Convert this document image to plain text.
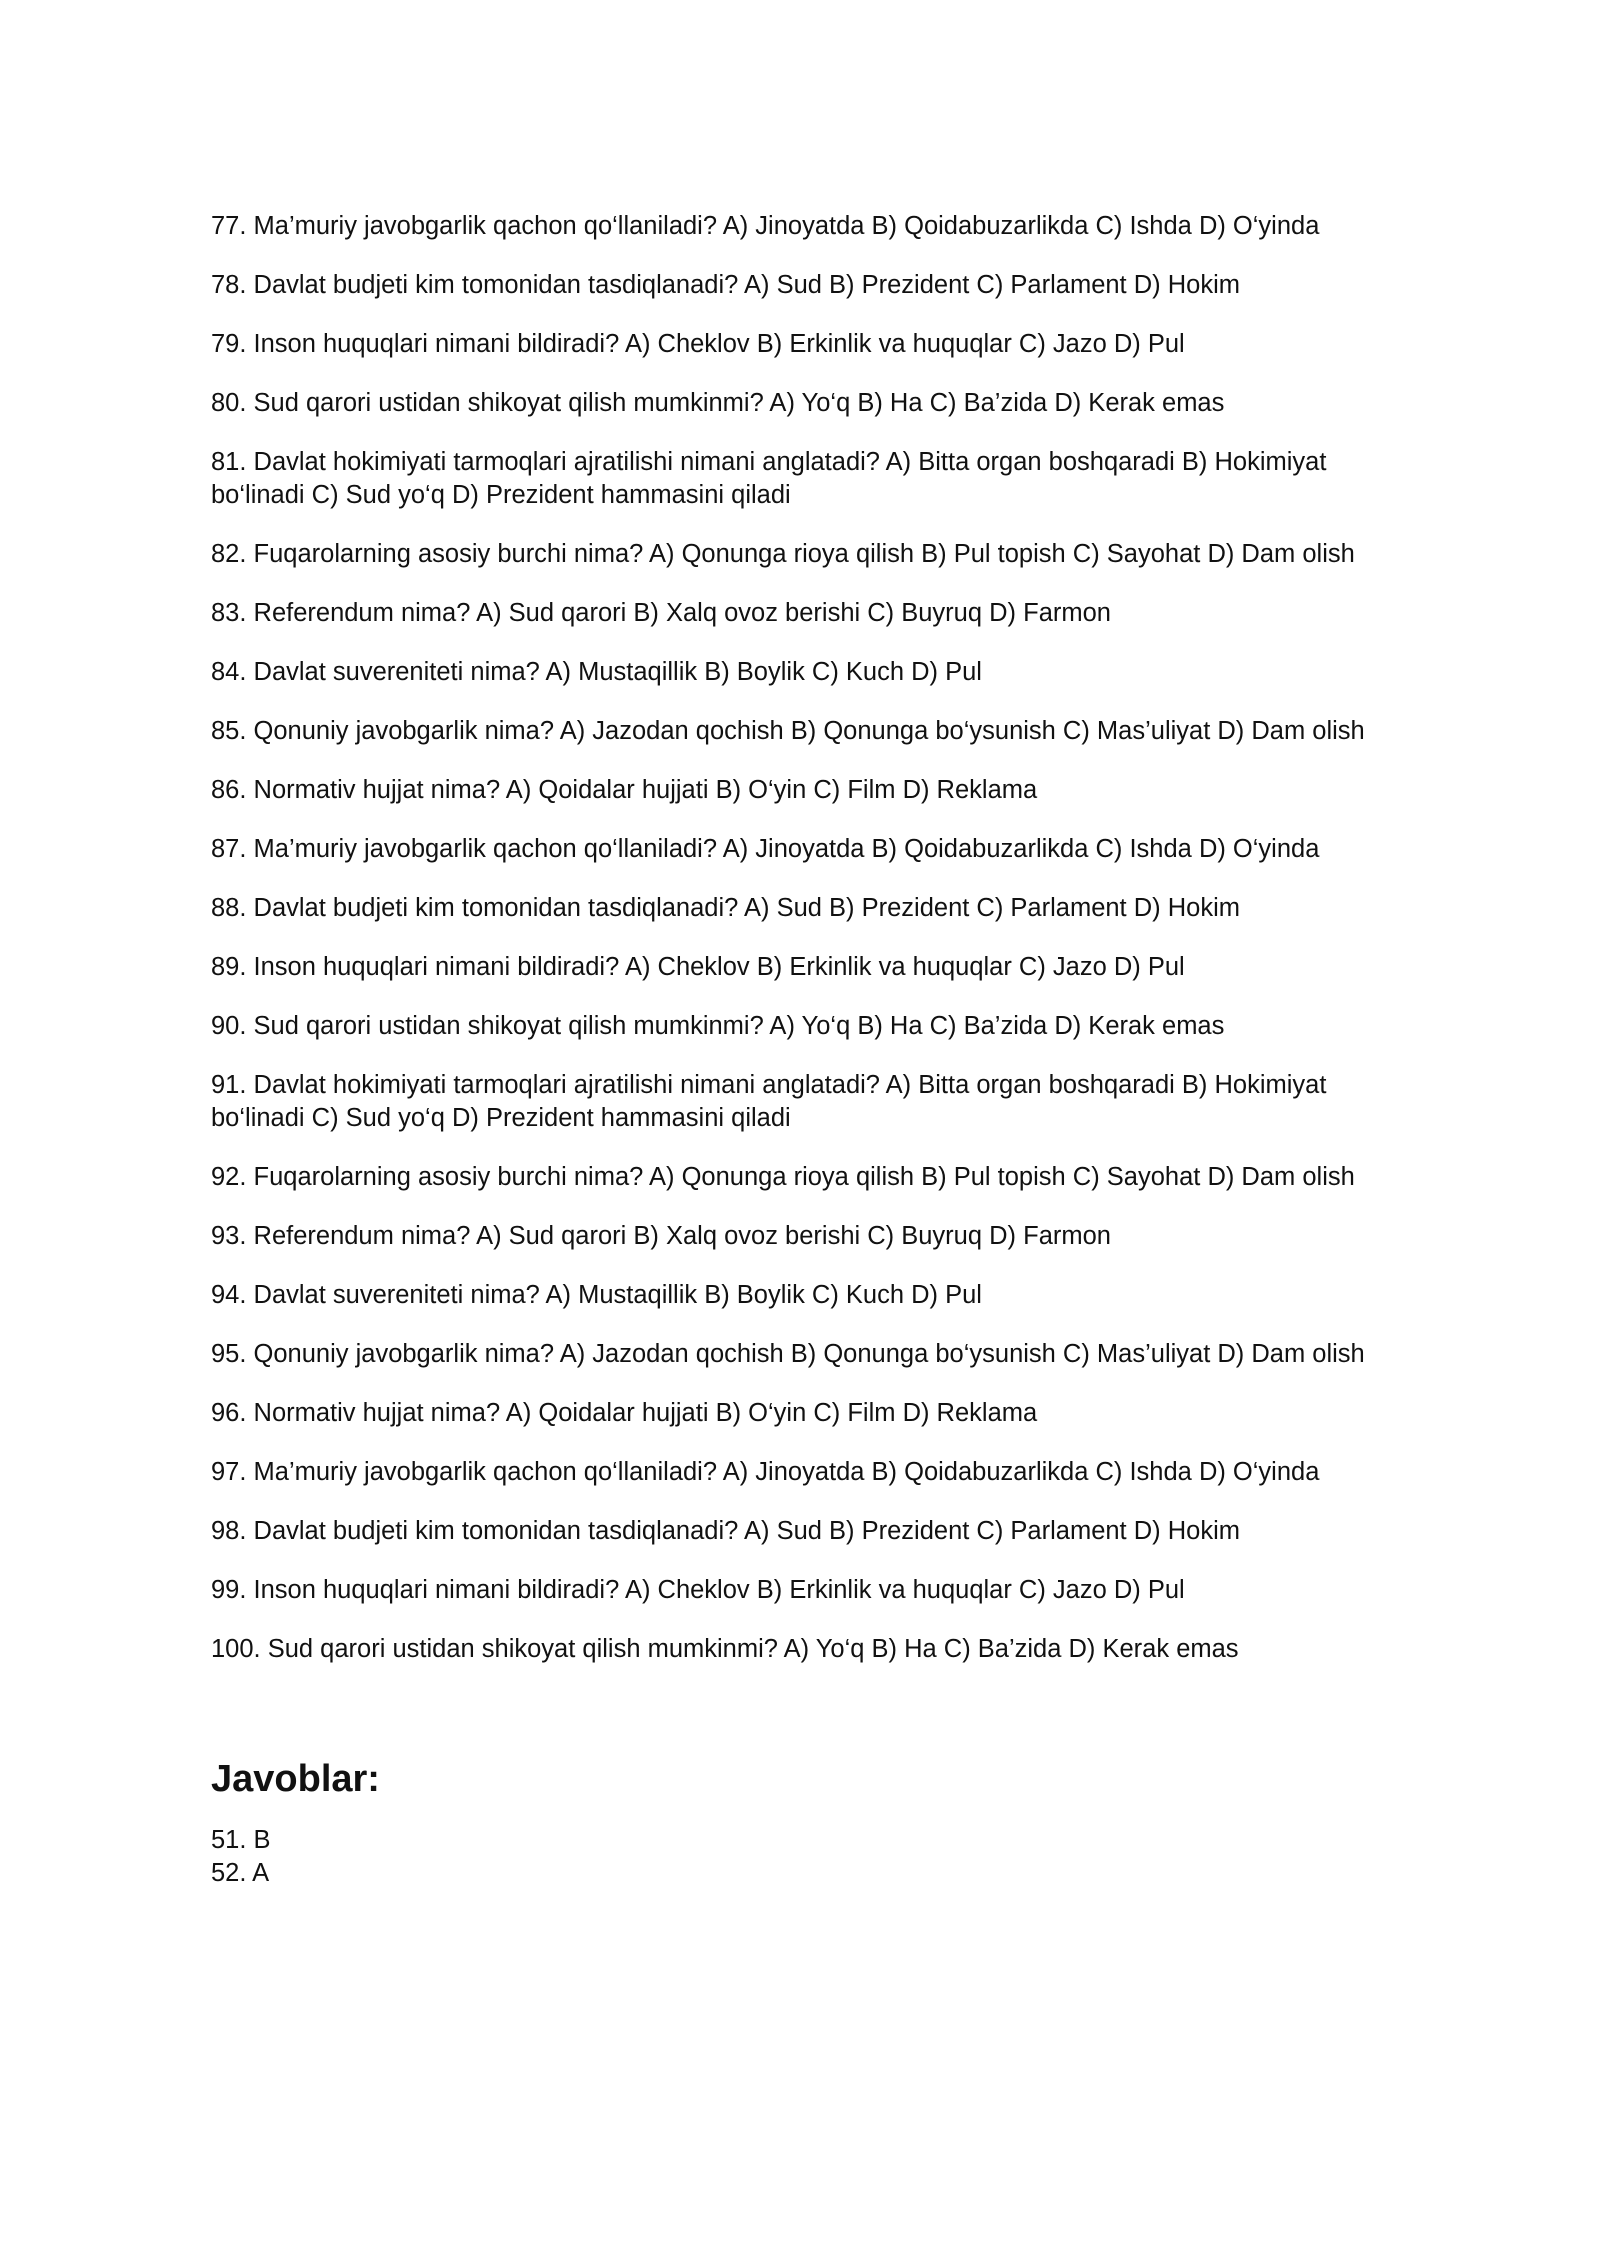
77. Ma’muriy javobgarlik qachon qo‘llaniladi? A) Jinoyatda B) Qoidabuzarlikda C) Ishda D) O‘yinda

78. Davlat budjeti kim tomonidan tasdiqlanadi? A) Sud B) Prezident C) Parlament D) Hokim

79. Inson huquqlari nimani bildiradi? A) Cheklov B) Erkinlik va huquqlar C) Jazo D) Pul

80. Sud qarori ustidan shikoyat qilish mumkinmi? A) Yo‘q B) Ha C) Ba’zida D) Kerak emas

81. Davlat hokimiyati tarmoqlari ajratilishi nimani anglatadi? A) Bitta organ boshqaradi B) Hokimiyat bo‘linadi C) Sud yo‘q D) Prezident hammasini qiladi

82. Fuqarolarning asosiy burchi nima? A) Qonunga rioya qilish B) Pul topish C) Sayohat D) Dam olish

83. Referendum nima? A) Sud qarori B) Xalq ovoz berishi C) Buyruq D) Farmon

84. Davlat suvereniteti nima? A) Mustaqillik B) Boylik C) Kuch D) Pul

85. Qonuniy javobgarlik nima? A) Jazodan qochish B) Qonunga bo‘ysunish C) Mas’uliyat D) Dam olish

86. Normativ hujjat nima? A) Qoidalar hujjati B) O‘yin C) Film D) Reklama

87. Ma’muriy javobgarlik qachon qo‘llaniladi? A) Jinoyatda B) Qoidabuzarlikda C) Ishda D) O‘yinda

88. Davlat budjeti kim tomonidan tasdiqlanadi? A) Sud B) Prezident C) Parlament D) Hokim

89. Inson huquqlari nimani bildiradi? A) Cheklov B) Erkinlik va huquqlar C) Jazo D) Pul

90. Sud qarori ustidan shikoyat qilish mumkinmi? A) Yo‘q B) Ha C) Ba’zida D) Kerak emas

91. Davlat hokimiyati tarmoqlari ajratilishi nimani anglatadi? A) Bitta organ boshqaradi B) Hokimiyat bo‘linadi C) Sud yo‘q D) Prezident hammasini qiladi

92. Fuqarolarning asosiy burchi nima? A) Qonunga rioya qilish B) Pul topish C) Sayohat D) Dam olish

93. Referendum nima? A) Sud qarori B) Xalq ovoz berishi C) Buyruq D) Farmon

94. Davlat suvereniteti nima? A) Mustaqillik B) Boylik C) Kuch D) Pul

95. Qonuniy javobgarlik nima? A) Jazodan qochish B) Qonunga bo‘ysunish C) Mas’uliyat D) Dam olish

96. Normativ hujjat nima? A) Qoidalar hujjati B) O‘yin C) Film D) Reklama

97. Ma’muriy javobgarlik qachon qo‘llaniladi? A) Jinoyatda B) Qoidabuzarlikda C) Ishda D) O‘yinda

98. Davlat budjeti kim tomonidan tasdiqlanadi? A) Sud B) Prezident C) Parlament D) Hokim

99. Inson huquqlari nimani bildiradi? A) Cheklov B) Erkinlik va huquqlar C) Jazo D) Pul

100. Sud qarori ustidan shikoyat qilish mumkinmi? A) Yo‘q B) Ha C) Ba’zida D) Kerak emas

Javoblar:

51. B

52. A
